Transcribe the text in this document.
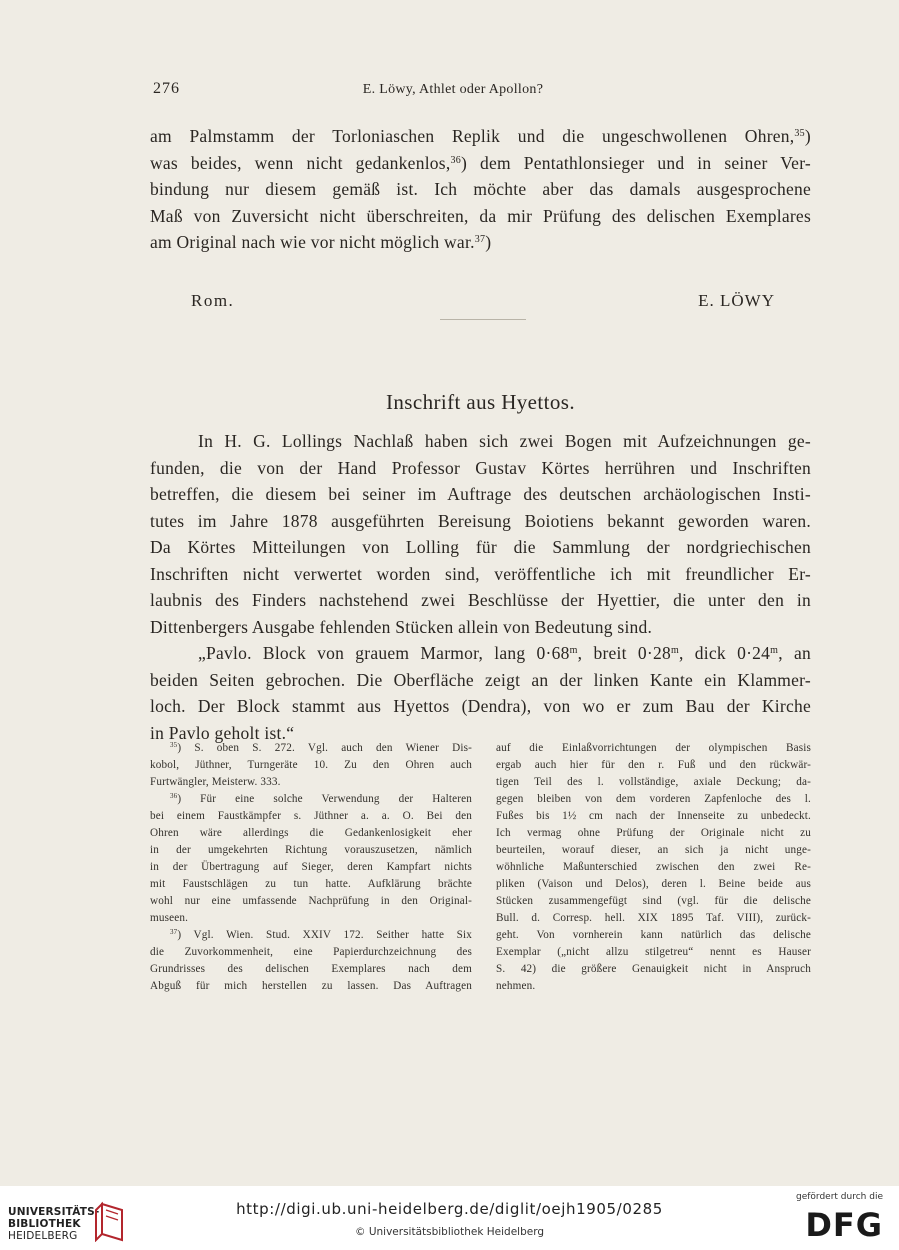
276	E. Löwy, Athlet oder Apollon?
am Palmstamm der Torloniaschen Replik und die ungeschwollenen Ohren,$^{35}$)
was beides, wenn nicht gedankenlos,$^{36}$) dem Pentathlonsieger und in seiner Ver-
bindung nur diesem gemäß ist. Ich möchte aber das damals ausgesprochene
Maß von Zuversicht nicht überschreiten, da mir Prüfung des delischen Exemplares
am Original nach wie vor nicht möglich war.$^{37}$)
Rom.	E. LÖWY
Inschrift aus Hyettos.
In H. G. Lollings Nachlaß haben sich zwei Bogen mit Aufzeichnungen ge-
funden, die von der Hand Professor Gustav Körtes herrühren und Inschriften
betreffen, die diesem bei seiner im Auftrage des deutschen archäologischen Insti-
tutes im Jahre 1878 ausgeführten Bereisung Boiotiens bekannt geworden waren.
Da Körtes Mitteilungen von Lolling für die Sammlung der nordgriechischen
Inschriften nicht verwertet worden sind, veröffentliche ich mit freundlicher Er-
laubnis des Finders nachstehend zwei Beschlüsse der Hyettier, die unter den in
Dittenbergers Ausgabe fehlenden Stücken allein von Bedeutung sind.
„Pavlo. Block von grauem Marmor, lang $0\cdot 68^m$, breit $0\cdot 28^m$, dick $0\cdot 24^m$, an
beiden Seiten gebrochen. Die Oberfläche zeigt an der linken Kante ein Klammer-
loch. Der Block stammt aus Hyettos (Dendra), von wo er zum Bau der Kirche
in Pavlo geholt ist.“
$^{35}$) S. oben S. 272. Vgl. auch den Wiener Dis-
kobol, Jüthner, Turngeräte 10. Zu den Ohren auch
Furtwängler, Meisterw. 333.
$^{36}$) Für eine solche Verwendung der Halteren
bei einem Faustkämpfer s. Jüthner a. a. O. Bei den
Ohren wäre allerdings die Gedankenlosigkeit eher
in der umgekehrten Richtung vorauszusetzen, nämlich
in der Übertragung auf Sieger, deren Kampfart nichts
mit Faustschlägen zu tun hatte. Aufklärung brächte
wohl nur eine umfassende Nachprüfung in den Original-
museen.
$^{37}$) Vgl. Wien. Stud. XXIV 172. Seither hatte Six
die Zuvorkommenheit, eine Papierdurchzeichnung des
Grundrisses des delischen Exemplares nach dem
Abguß für mich herstellen zu lassen. Das Auftragen
auf die Einlaßvorrichtungen der olympischen Basis
ergab auch hier für den r. Fuß und den rückwär-
tigen Teil des l. vollständige, axiale Deckung; da-
gegen bleiben von dem vorderen Zapfenloche des l.
Fußes bis 1½ cm nach der Innenseite zu unbedeckt.
Ich vermag ohne Prüfung der Originale nicht zu
beurteilen, worauf dieser, an sich ja nicht unge-
wöhnliche Maßunterschied zwischen den zwei Re-
pliken (Vaison und Delos), deren l. Beine beide aus
Stücken zusammengefügt sind (vgl. für die delische
Bull. d. Corresp. hell. XIX 1895 Taf. VIII), zurück-
geht. Von vornherein kann natürlich das delische
Exemplar („nicht allzu stilgetreu“ nennt es Hauser
S. 42) die größere Genauigkeit nicht in Anspruch
nehmen.
UNIVERSITÄTS-
BIBLIOTHEK
HEIDELBERG
http://digi.ub.uni-heidelberg.de/diglit/oejh1905/0285
© Universitätsbibliothek Heidelberg
gefördert durch die
DFG
